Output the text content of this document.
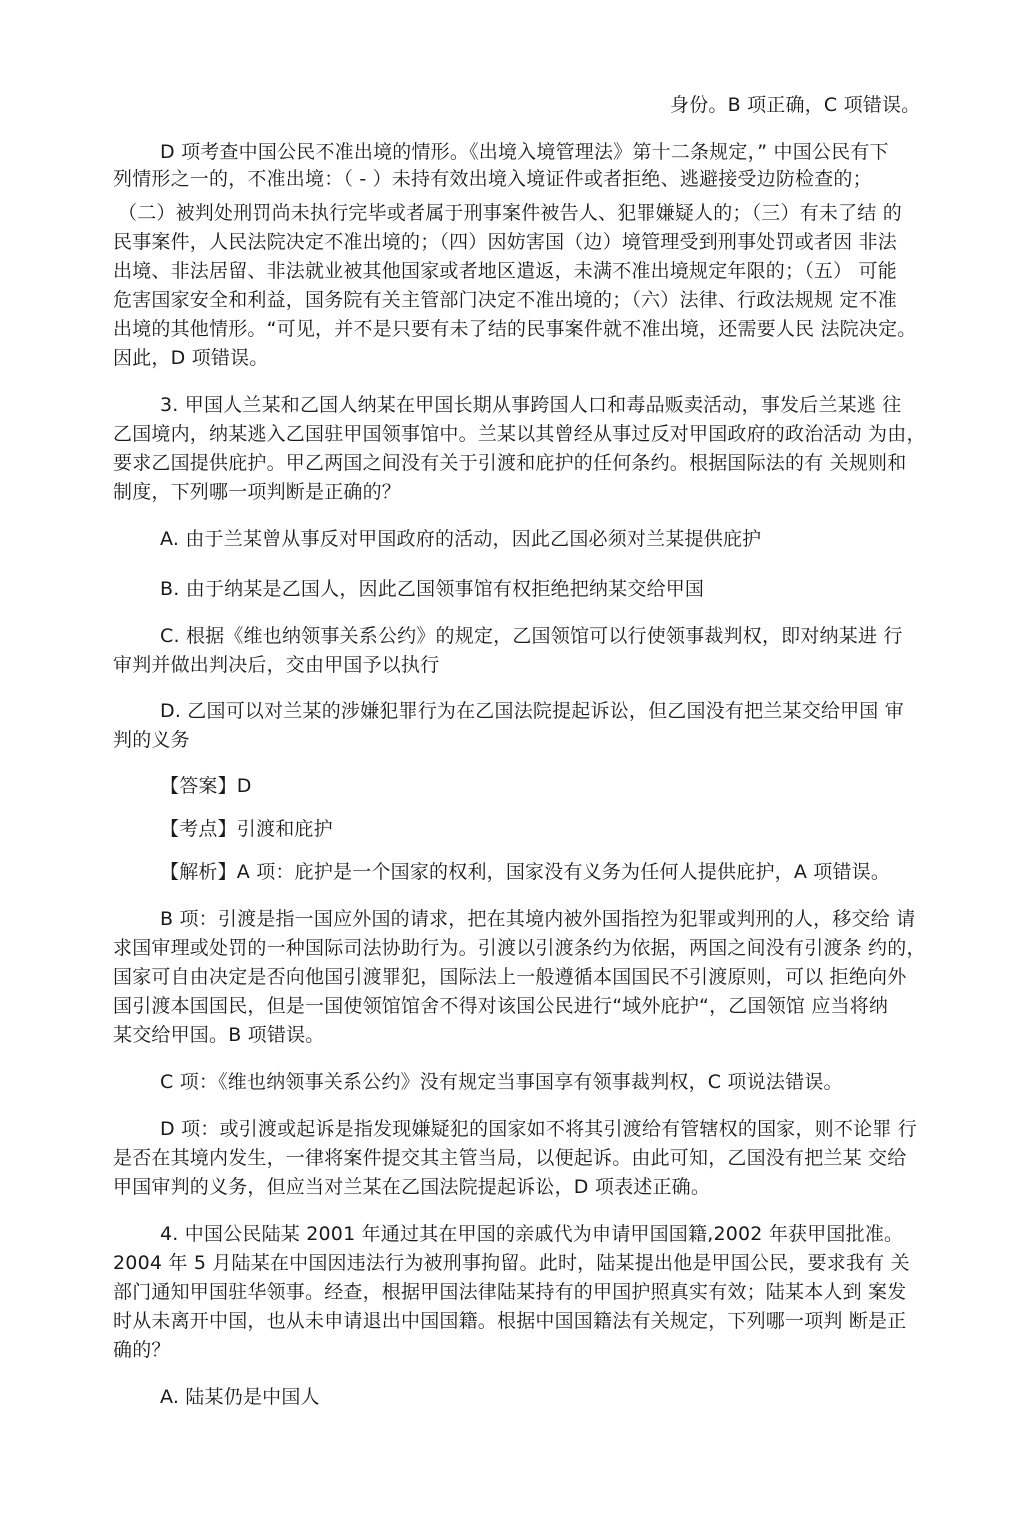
身份。B 项正确，C 项错误。
D 项考查中国公民不准出境的情形。《出境入境管理法》第十二条规定，” 中国公民有下
列情形之一的，不准出境：（ - ）未持有效出境入境证件或者拒绝、逃避接受边防检查的；
（二）被判处刑罚尚未执行完毕或者属于刑事案件被告人、犯罪嫌疑人的；（三）有未了结 的
民事案件，人民法院决定不准出境的；（四）因妨害国（边）境管理受到刑事处罚或者因 非法
出境、非法居留、非法就业被其他国家或者地区遣返，未满不准出境规定年限的；（五） 可能
危害国家安全和利益，国务院有关主管部门决定不准出境的；（六）法律、行政法规规 定不准
出境的其他情形。“可见，并不是只要有未了结的民事案件就不准出境，还需要人民 法院决定。
因此，D 项错误。
3. 甲国人兰某和乙国人纳某在甲国长期从事跨国人口和毒品贩卖活动，事发后兰某逃 往
乙国境内，纳某逃入乙国驻甲国领事馆中。兰某以其曾经从事过反对甲国政府的政治活动 为由，
要求乙国提供庇护。甲乙两国之间没有关于引渡和庇护的任何条约。根据国际法的有 关规则和
制度，下列哪一项判断是正确的？
A. 由于兰某曾从事反对甲国政府的活动，因此乙国必须对兰某提供庇护
B. 由于纳某是乙国人，因此乙国领事馆有权拒绝把纳某交给甲国
C. 根据《维也纳领事关系公约》的规定，乙国领馆可以行使领事裁判权，即对纳某进 行
审判并做出判决后，交由甲国予以执行
D. 乙国可以对兰某的涉嫌犯罪行为在乙国法院提起诉讼，但乙国没有把兰某交给甲国 审
判的义务
【答案】D
【考点】引渡和庇护
【解析】A 项：庇护是一个国家的权利，国家没有义务为任何人提供庇护，A 项错误。
B 项：引渡是指一国应外国的请求，把在其境内被外国指控为犯罪或判刑的人，移交给 请
求国审理或处罚的一种国际司法协助行为。引渡以引渡条约为依据，两国之间没有引渡条 约的，
国家可自由决定是否向他国引渡罪犯，国际法上一般遵循本国国民不引渡原则，可以 拒绝向外
国引渡本国国民，但是一国使领馆馆舍不得对该国公民进行“域外庇护“，乙国领馆 应当将纳
某交给甲国。B 项错误。
C 项：《维也纳领事关系公约》没有规定当事国享有领事裁判权，C 项说法错误。
D 项：或引渡或起诉是指发现嫌疑犯的国家如不将其引渡给有管辖权的国家，则不论罪 行
是否在其境内发生，一律将案件提交其主管当局，以便起诉。由此可知，乙国没有把兰某 交给
甲国审判的义务，但应当对兰某在乙国法院提起诉讼，D 项表述正确。
4. 中国公民陆某 2001 年通过其在甲国的亲戚代为申请甲国国籍,2002 年获甲国批准。
2004 年 5 月陆某在中国因违法行为被刑事拘留。此时，陆某提出他是甲国公民，要求我有 关
部门通知甲国驻华领事。经查，根据甲国法律陆某持有的甲国护照真实有效；陆某本人到 案发
时从未离开中国，也从未申请退出中国国籍。根据中国国籍法有关规定，下列哪一项判 断是正
确的？
A. 陆某仍是中国人
